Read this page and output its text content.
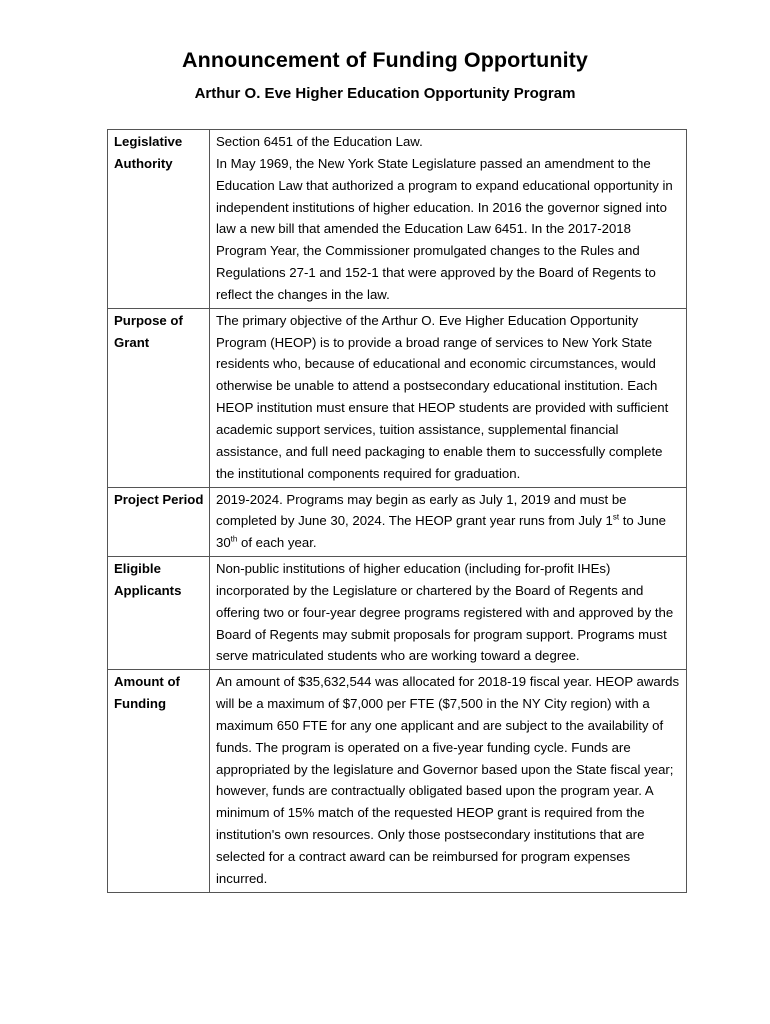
Announcement of Funding Opportunity
Arthur O. Eve Higher Education Opportunity Program
Legislative Authority	Section 6451 of the Education Law.
In May 1969, the New York State Legislature passed an amendment to the Education Law that authorized a program to expand educational opportunity in independent institutions of higher education. In 2016 the governor signed into law a new bill that amended the Education Law 6451. In the 2017-2018 Program Year, the Commissioner promulgated changes to the Rules and Regulations 27-1 and 152-1 that were approved by the Board of Regents to reflect the changes in the law.

Purpose of Grant	The primary objective of the Arthur O. Eve Higher Education Opportunity Program (HEOP) is to provide a broad range of services to New York State residents who, because of educational and economic circumstances, would otherwise be unable to attend a postsecondary educational institution. Each HEOP institution must ensure that HEOP students are provided with sufficient academic support services, tuition assistance, supplemental financial assistance, and full need packaging to enable them to successfully complete the institutional components required for graduation.
Project Period	2019-2024. Programs may begin as early as July 1, 2019 and must be completed by June 30, 2024. The HEOP grant year runs from July 1st to June 30th of each year.
Eligible Applicants	Non-public institutions of higher education (including for-profit IHEs) incorporated by the Legislature or chartered by the Board of Regents and offering two or four-year degree programs registered with and approved by the Board of Regents may submit proposals for program support. Programs must serve matriculated students who are working toward a degree.
Amount of Funding	An amount of $35,632,544 was allocated for 2018-19 fiscal year. HEOP awards will be a maximum of $7,000 per FTE ($7,500 in the NY City region) with a maximum 650 FTE for any one applicant and are subject to the availability of funds. The program is operated on a five-year funding cycle. Funds are appropriated by the legislature and Governor based upon the State fiscal year; however, funds are contractually obligated based upon the program year. A minimum of 15% match of the requested HEOP grant is required from the institution's own resources. Only those postsecondary institutions that are selected for a contract award can be reimbursed for program expenses incurred.
